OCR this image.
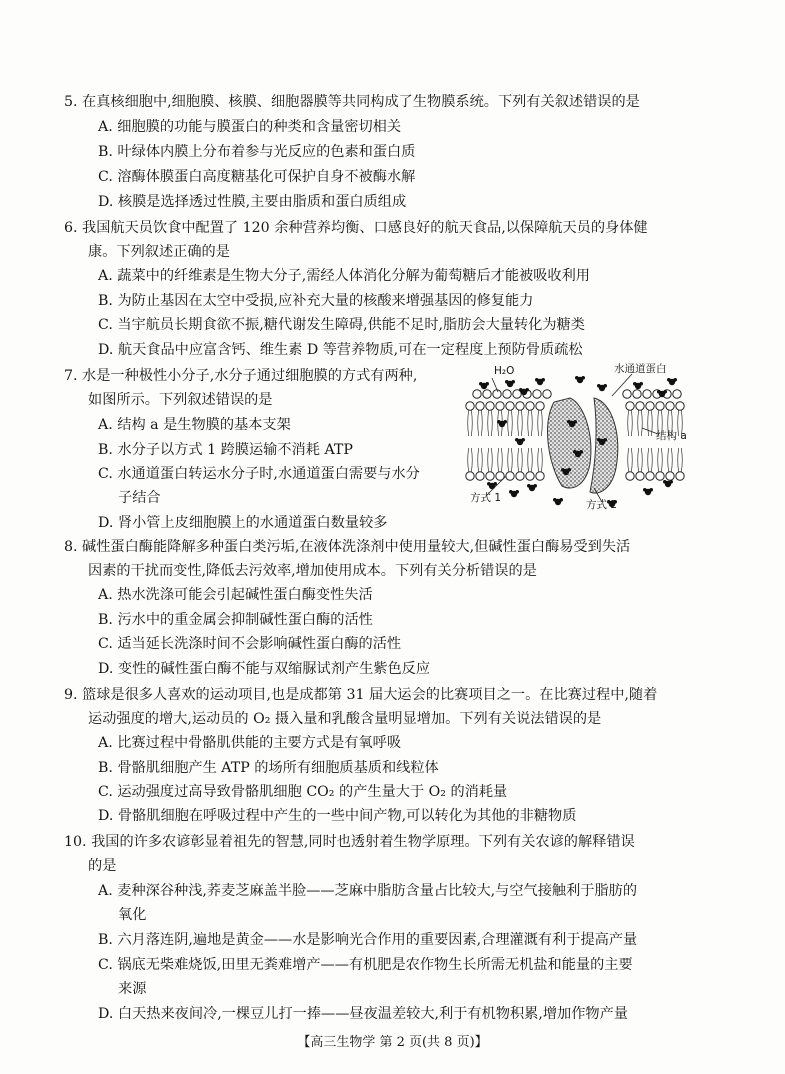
5. 在真核细胞中,细胞膜、核膜、细胞器膜等共同构成了生物膜系统。下列有关叙述错误的是
A. 细胞膜的功能与膜蛋白的种类和含量密切相关
B. 叶绿体内膜上分布着参与光反应的色素和蛋白质
C. 溶酶体膜蛋白高度糖基化可保护自身不被酶水解
D. 核膜是选择透过性膜,主要由脂质和蛋白质组成
6. 我国航天员饮食中配置了 120 余种营养均衡、口感良好的航天食品,以保障航天员的身体健
康。下列叙述正确的是
A. 蔬菜中的纤维素是生物大分子,需经人体消化分解为葡萄糖后才能被吸收利用
B. 为防止基因在太空中受损,应补充大量的核酸来增强基因的修复能力
C. 当宇航员长期食欲不振,糖代谢发生障碍,供能不足时,脂肪会大量转化为糖类
D. 航天食品中应富含钙、维生素 D 等营养物质,可在一定程度上预防骨质疏松
7. 水是一种极性小分子,水分子通过细胞膜的方式有两种,
如图所示。下列叙述错误的是
A. 结构 a 是生物膜的基本支架
B. 水分子以方式 1 跨膜运输不消耗 ATP
C. 水通道蛋白转运水分子时,水通道蛋白需要与水分
子结合
D. 肾小管上皮细胞膜上的水通道蛋白数量较多
H₂O	水通道蛋白
结构 a
方式 1
方式 2
8. 碱性蛋白酶能降解多种蛋白类污垢,在液体洗涤剂中使用量较大,但碱性蛋白酶易受到失活
因素的干扰而变性,降低去污效率,增加使用成本。下列有关分析错误的是
A. 热水洗涤可能会引起碱性蛋白酶变性失活
B. 污水中的重金属会抑制碱性蛋白酶的活性
C. 适当延长洗涤时间不会影响碱性蛋白酶的活性
D. 变性的碱性蛋白酶不能与双缩脲试剂产生紫色反应
9. 篮球是很多人喜欢的运动项目,也是成都第 31 届大运会的比赛项目之一。在比赛过程中,随着
运动强度的增大,运动员的 O₂ 摄入量和乳酸含量明显增加。下列有关说法错误的是
A. 比赛过程中骨骼肌供能的主要方式是有氧呼吸
B. 骨骼肌细胞产生 ATP 的场所有细胞质基质和线粒体
C. 运动强度过高导致骨骼肌细胞 CO₂ 的产生量大于 O₂ 的消耗量
D. 骨骼肌细胞在呼吸过程中产生的一些中间产物,可以转化为其他的非糖物质
10. 我国的许多农谚彰显着祖先的智慧,同时也透射着生物学原理。下列有关农谚的解释错误
的是
A. 麦种深谷种浅,荞麦芝麻盖半脸——芝麻中脂肪含量占比较大,与空气接触利于脂肪的
氧化
B. 六月落连阴,遍地是黄金——水是影响光合作用的重要因素,合理灌溉有利于提高产量
C. 锅底无柴难烧饭,田里无粪难增产——有机肥是农作物生长所需无机盐和能量的主要
来源
D. 白天热来夜间冷,一棵豆儿打一捧——昼夜温差较大,利于有机物积累,增加作物产量
【高三生物学 第 2 页(共 8 页)】
